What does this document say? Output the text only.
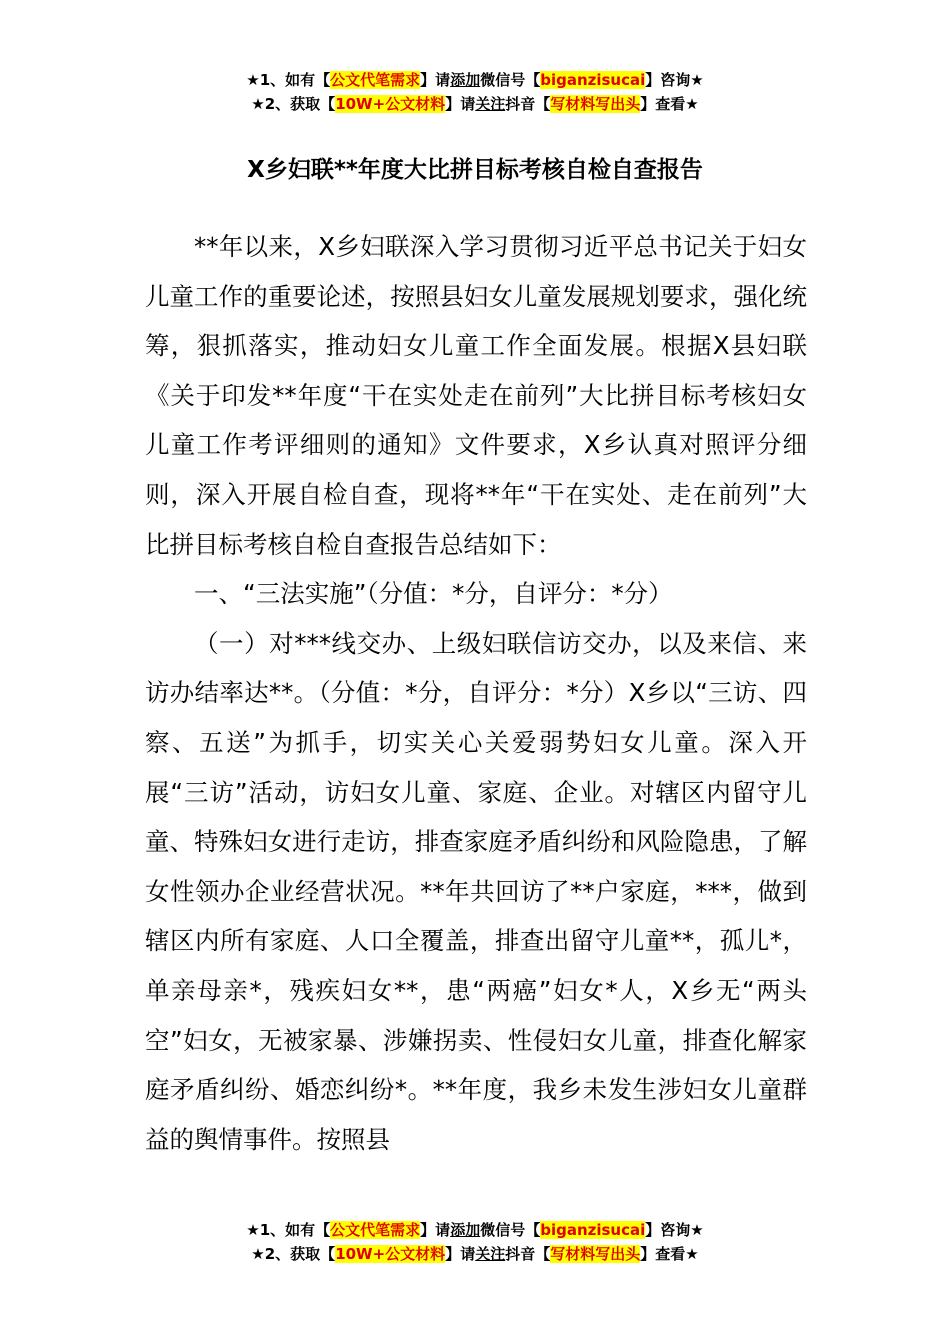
★1、如有【公文代笔需求】请添加微信号【biganzisucai】咨询★
★2、获取【10W+公文材料】请关注抖音【写材料写出头】查看★
X乡妇联**年度大比拼目标考核自检自查报告

**年以来，X乡妇联深入学习贯彻习近平总书记关于妇女儿童工作的重要论述，按照县妇女儿童发展规划要求，强化统筹，狠抓落实，推动妇女儿童工作全面发展。根据X县妇联《关于印发**年度“干在实处走在前列”大比拼目标考核妇女儿童工作考评细则的通知》文件要求，X乡认真对照评分细则，深入开展自检自查，现将**年“干在实处、走在前列”大比拼目标考核自检自查报告总结如下：

一、“三法实施”（分值：*分，自评分：*分）

（一）对***线交办、上级妇联信访交办，以及来信、来访办结率达**。（分值：*分，自评分：*分）X乡以“三访、四察、五送”为抓手，切实关心关爱弱势妇女儿童。深入开展“三访”活动，访妇女儿童、家庭、企业。对辖区内留守儿童、特殊妇女进行走访，排查家庭矛盾纠纷和风险隐患，了解女性领办企业经营状况。**年共回访了**户家庭，***，做到辖区内所有家庭、人口全覆盖，排查出留守儿童**，孤儿*，单亲母亲*，残疾妇女**，患“两癌”妇女*人，X乡无“两头空”妇女，无被家暴、涉嫌拐卖、性侵妇女儿童，排查化解家庭矛盾纠纷、婚恋纠纷*。**年度，我乡未发生涉妇女儿童群益的舆情事件。按照县

★1、如有【公文代笔需求】请添加微信号【biganzisucai】咨询★
★2、获取【10W+公文材料】请关注抖音【写材料写出头】查看★
